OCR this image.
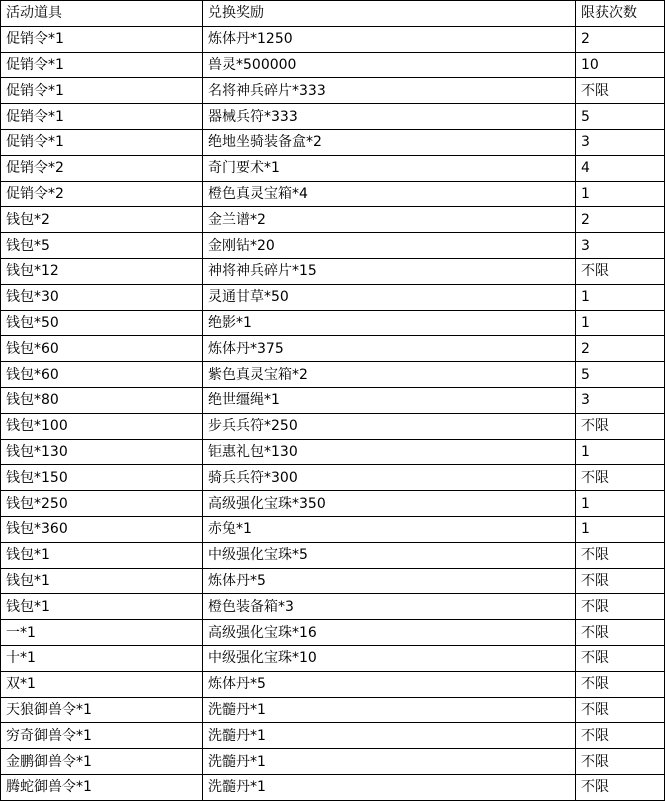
活动道具	兑换奖励	限获次数
促销令*1	炼体丹*1250	2
促销令*1	兽灵*500000	10
促销令*1	名将神兵碎片*333	不限
促销令*1	器械兵符*333	5
促销令*1	绝地坐骑装备盒*2	3
促销令*2	奇门要术*1	4
促销令*2	橙色真灵宝箱*4	1
钱包*2	金兰谱*2	2
钱包*5	金刚钻*20	3
钱包*12	神将神兵碎片*15	不限
钱包*30	灵通甘草*50	1
钱包*50	绝影*1	1
钱包*60	炼体丹*375	2
钱包*60	紫色真灵宝箱*2	5
钱包*80	绝世缰绳*1	3
钱包*100	步兵兵符*250	不限
钱包*130	钜惠礼包*130	1
钱包*150	骑兵兵符*300	不限
钱包*250	高级强化宝珠*350	1
钱包*360	赤兔*1	1
钱包*1	中级强化宝珠*5	不限
钱包*1	炼体丹*5	不限
钱包*1	橙色装备箱*3	不限
一*1	高级强化宝珠*16	不限
十*1	中级强化宝珠*10	不限
双*1	炼体丹*5	不限
天狼御兽令*1	洗髓丹*1	不限
穷奇御兽令*1	洗髓丹*1	不限
金鹏御兽令*1	洗髓丹*1	不限
腾蛇御兽令*1	洗髓丹*1	不限
